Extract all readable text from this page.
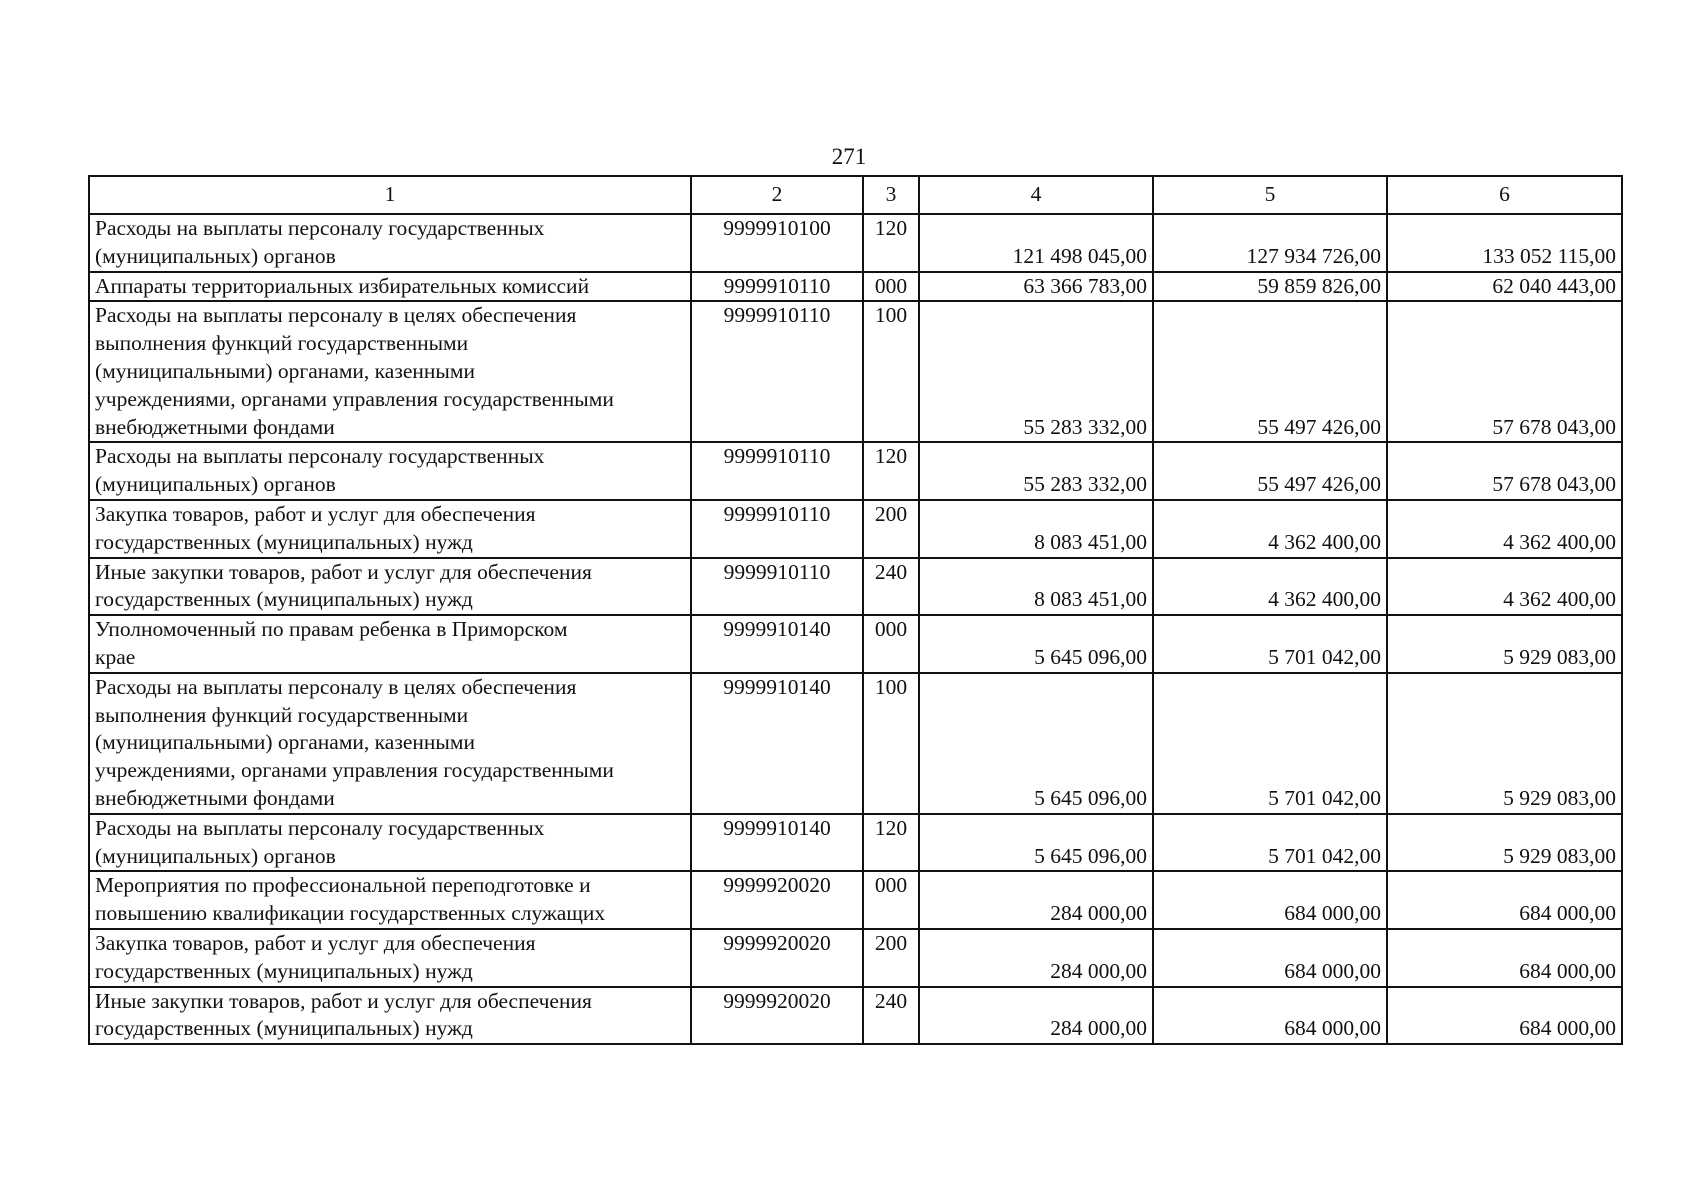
271
1	2	3	4	5	6

Расходы на выплаты персоналу государственных
(муниципальных) органов	9999910100	120	121 498 045,00	127 934 726,00	133 052 115,00

Аппараты территориальных избирательных комиссий	9999910110	000	63 366 783,00	59 859 826,00	62 040 443,00

Расходы на выплаты персоналу в целях обеспечения
выполнения функций государственными
(муниципальными) органами, казенными
учреждениями, органами управления государственными
внебюджетными фондами	9999910110	100	55 283 332,00	55 497 426,00	57 678 043,00

Расходы на выплаты персоналу государственных
(муниципальных) органов	9999910110	120	55 283 332,00	55 497 426,00	57 678 043,00

Закупка товаров, работ и услуг для обеспечения
государственных (муниципальных) нужд	9999910110	200	8 083 451,00	4 362 400,00	4 362 400,00

Иные закупки товаров, работ и услуг для обеспечения
государственных (муниципальных) нужд	9999910110	240	8 083 451,00	4 362 400,00	4 362 400,00

Уполномоченный по правам ребенка в Приморском
крае	9999910140	000	5 645 096,00	5 701 042,00	5 929 083,00

Расходы на выплаты персоналу в целях обеспечения
выполнения функций государственными
(муниципальными) органами, казенными
учреждениями, органами управления государственными
внебюджетными фондами	9999910140	100	5 645 096,00	5 701 042,00	5 929 083,00

Расходы на выплаты персоналу государственных
(муниципальных) органов	9999910140	120	5 645 096,00	5 701 042,00	5 929 083,00

Мероприятия по профессиональной переподготовке и
повышению квалификации государственных служащих	9999920020	000	284 000,00	684 000,00	684 000,00

Закупка товаров, работ и услуг для обеспечения
государственных (муниципальных) нужд	9999920020	200	284 000,00	684 000,00	684 000,00

Иные закупки товаров, работ и услуг для обеспечения
государственных (муниципальных) нужд	9999920020	240	284 000,00	684 000,00	684 000,00
